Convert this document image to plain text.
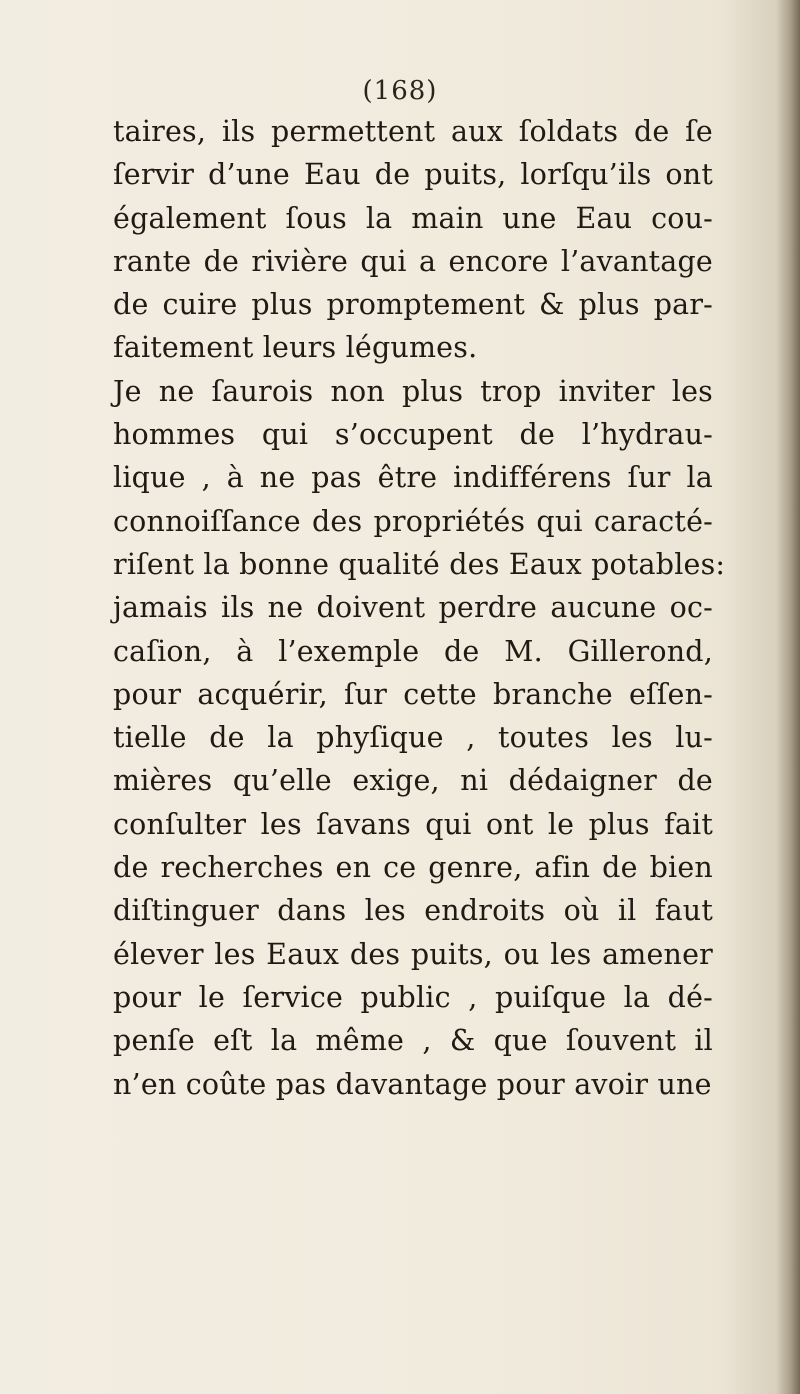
(168)
taires, ils permettent aux ſoldats de ſe
ſervir d’une Eau de puits, lorſqu’ils ont
également ſous la main une Eau cou-
rante de rivière qui a encore l’avantage
de cuire plus promptement & plus par-
faitement leurs légumes.
Je ne ſaurois non plus trop inviter les
hommes qui s’occupent de l’hydrau-
lique , à ne pas être indifférens ſur la
connoiſſance des propriétés qui caracté-
riſent la bonne qualité des Eaux potables:
jamais ils ne doivent perdre aucune oc-
caſion, à l’exemple de M. Gillerond,
pour acquérir, ſur cette branche eſſen-
tielle de la phyſique , toutes les lu-
mières qu’elle exige, ni dédaigner de
conſulter les ſavans qui ont le plus fait
de recherches en ce genre, afin de bien
diſtinguer dans les endroits où il faut
élever les Eaux des puits, ou les amener
pour le ſervice public , puiſque la dé-
penſe eſt la même , & que ſouvent il
n’en coûte pas davantage pour avoir une
